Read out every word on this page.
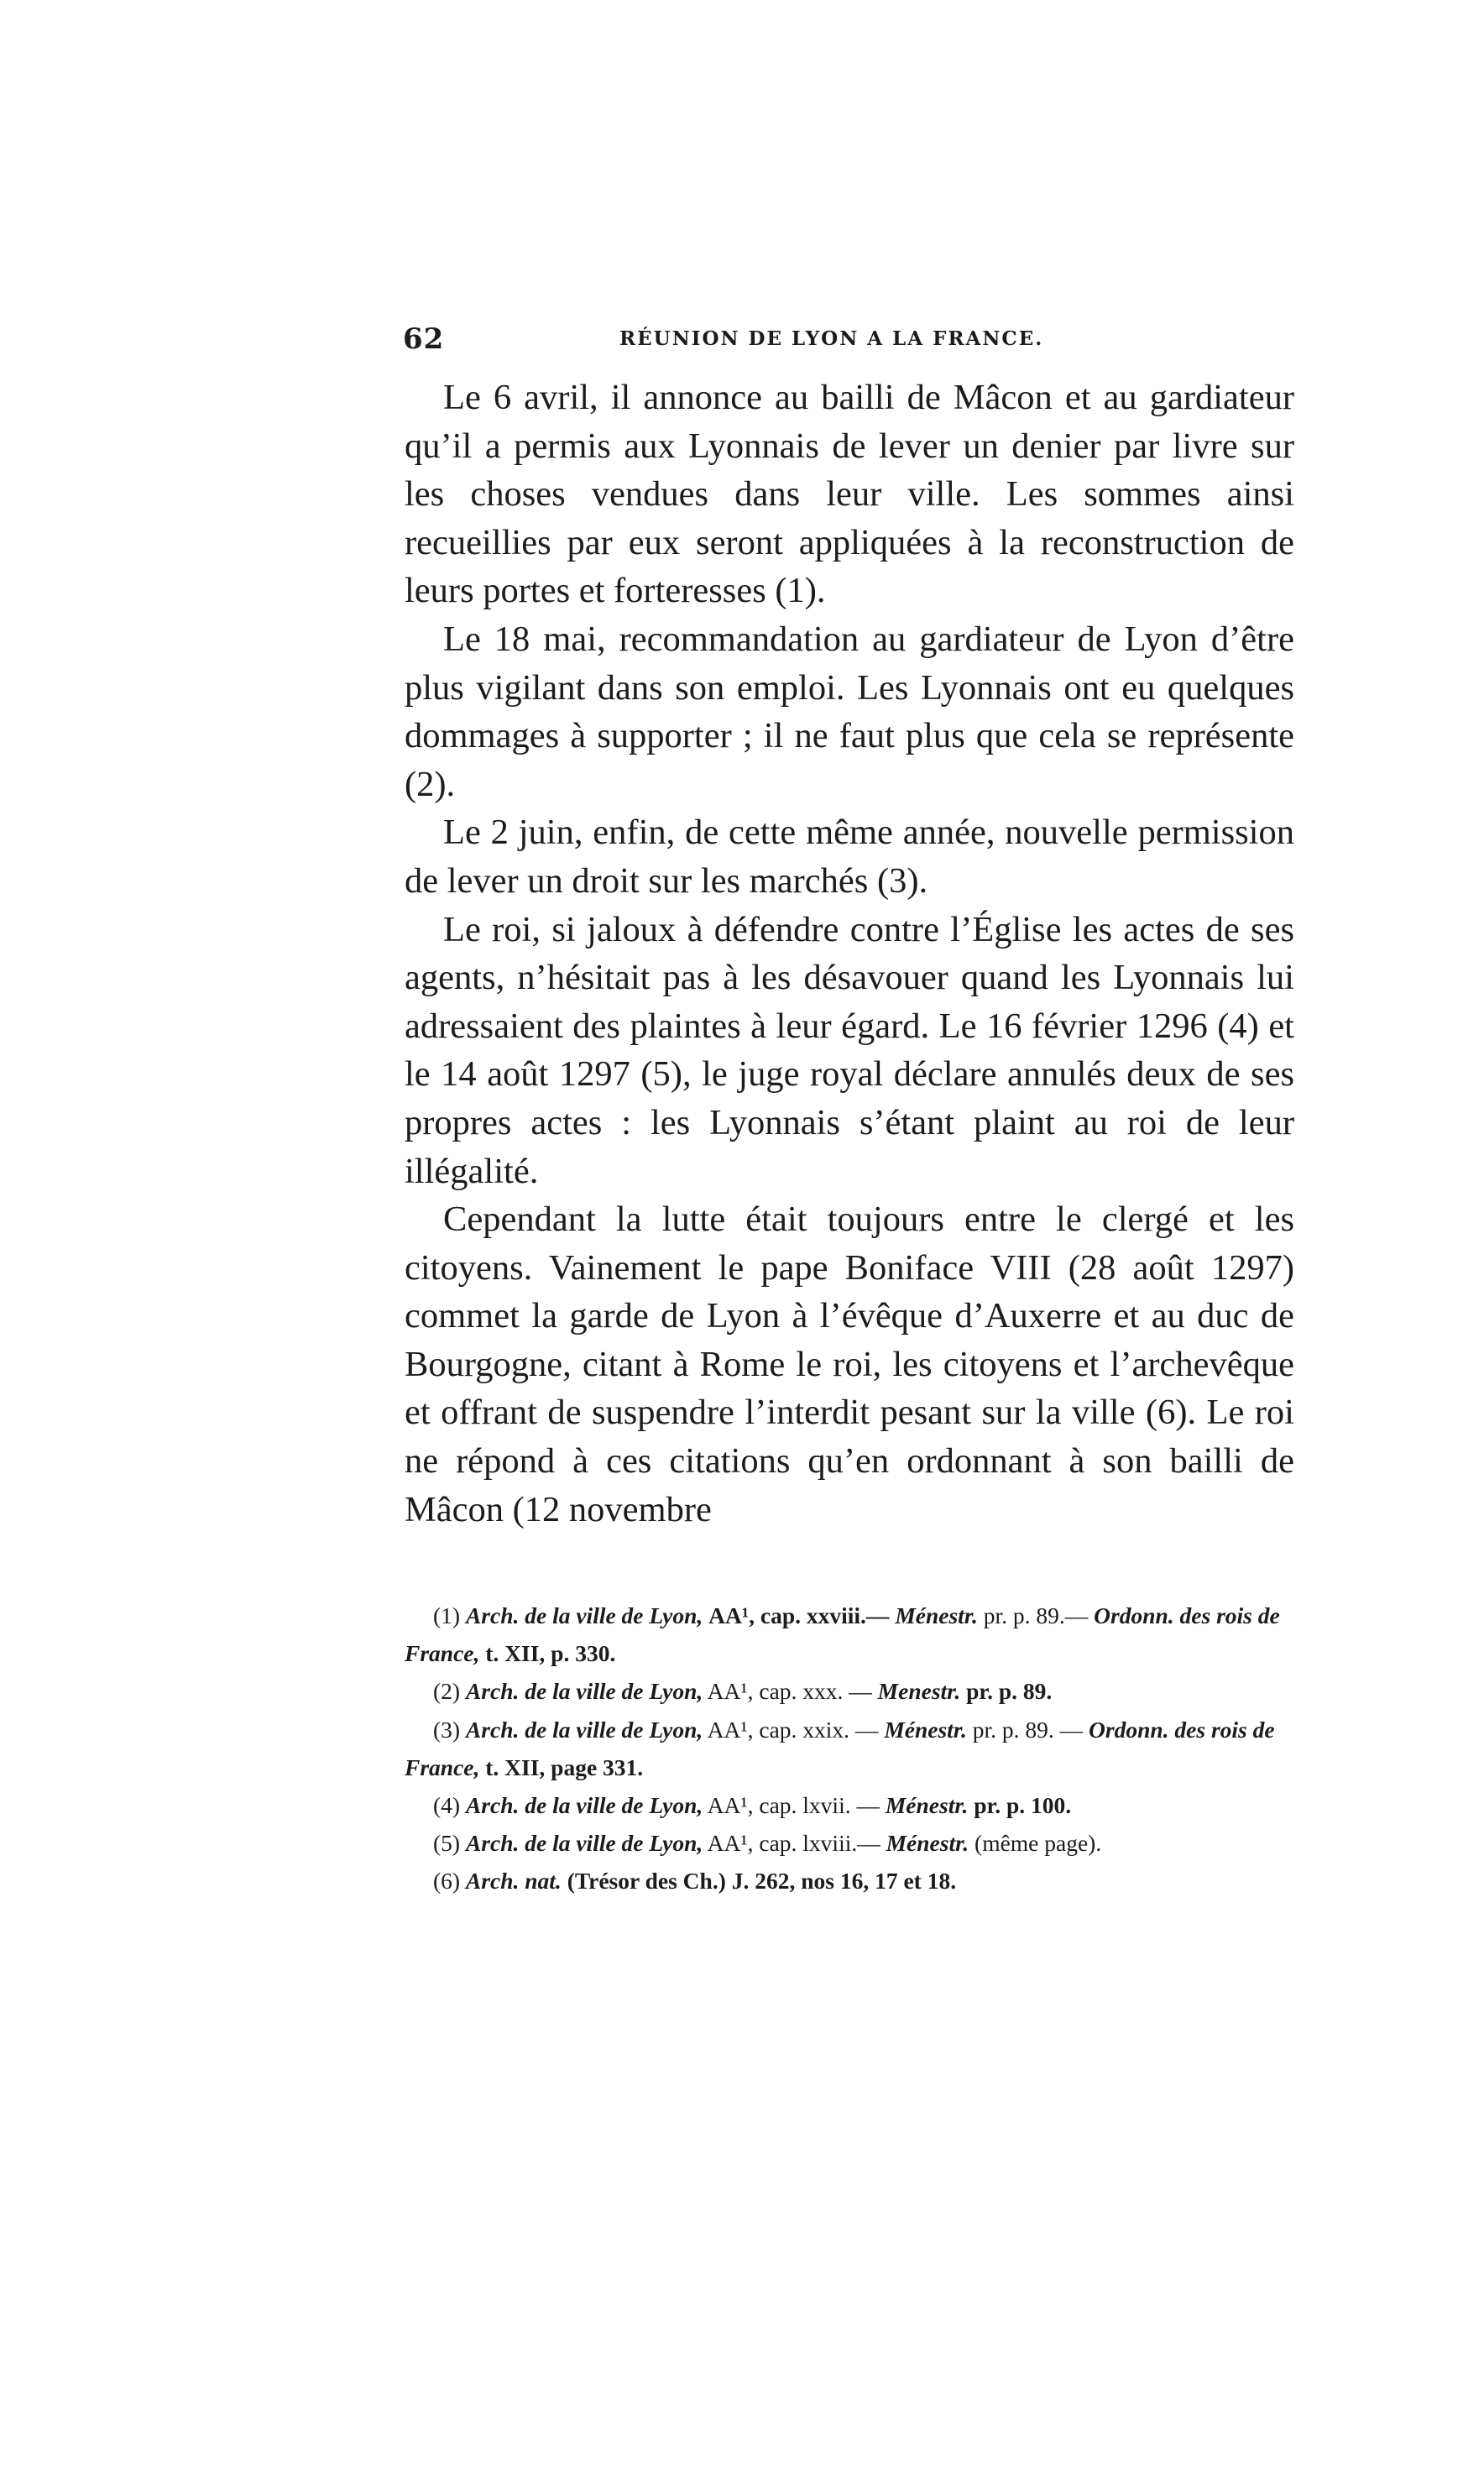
62	RÉUNION DE LYON A LA FRANCE.

Le 6 avril, il annonce au bailli de Mâcon et au gardiateur qu’il a permis aux Lyonnais de lever un denier par livre sur les choses vendues dans leur ville. Les sommes ainsi recueillies par eux seront appliquées à la reconstruction de leurs portes et forteresses (1).

Le 18 mai, recommandation au gardiateur de Lyon d’être plus vigilant dans son emploi. Les Lyonnais ont eu quelques dommages à supporter ; il ne faut plus que cela se représente (2).

Le 2 juin, enfin, de cette même année, nouvelle permission de lever un droit sur les marchés (3).

Le roi, si jaloux à défendre contre l’Église les actes de ses agents, n’hésitait pas à les désavouer quand les Lyonnais lui adressaient des plaintes à leur égard. Le 16 février 1296 (4) et le 14 août 1297 (5), le juge royal déclare annulés deux de ses propres actes : les Lyonnais s’étant plaint au roi de leur illégalité.

Cependant la lutte était toujours entre le clergé et les citoyens. Vainement le pape Boniface VIII (28 août 1297) commet la garde de Lyon à l’évêque d’Auxerre et au duc de Bourgogne, citant à Rome le roi, les citoyens et l’archevêque et offrant de suspendre l’interdit pesant sur la ville (6). Le roi ne répond à ces citations qu’en ordonnant à son bailli de Mâcon (12 novembre

(1) Arch. de la ville de Lyon, AA¹, cap. xxviii.— Ménestr. pr. p. 89.— Ordonn. des rois de France, t. XII, p. 330.

(2) Arch. de la ville de Lyon, AA¹, cap. xxx. — Menestr. pr. p. 89.

(3) Arch. de la ville de Lyon, AA¹, cap. xxix. — Ménestr. pr. p. 89. — Ordonn. des rois de France, t. XII, page 331.

(4) Arch. de la ville de Lyon, AA¹, cap. lxvii. — Ménestr. pr. p. 100.

(5) Arch. de la ville de Lyon, AA¹, cap. lxviii.— Ménestr. (même page).

(6) Arch. nat. (Trésor des Ch.) J. 262, nos 16, 17 et 18.
